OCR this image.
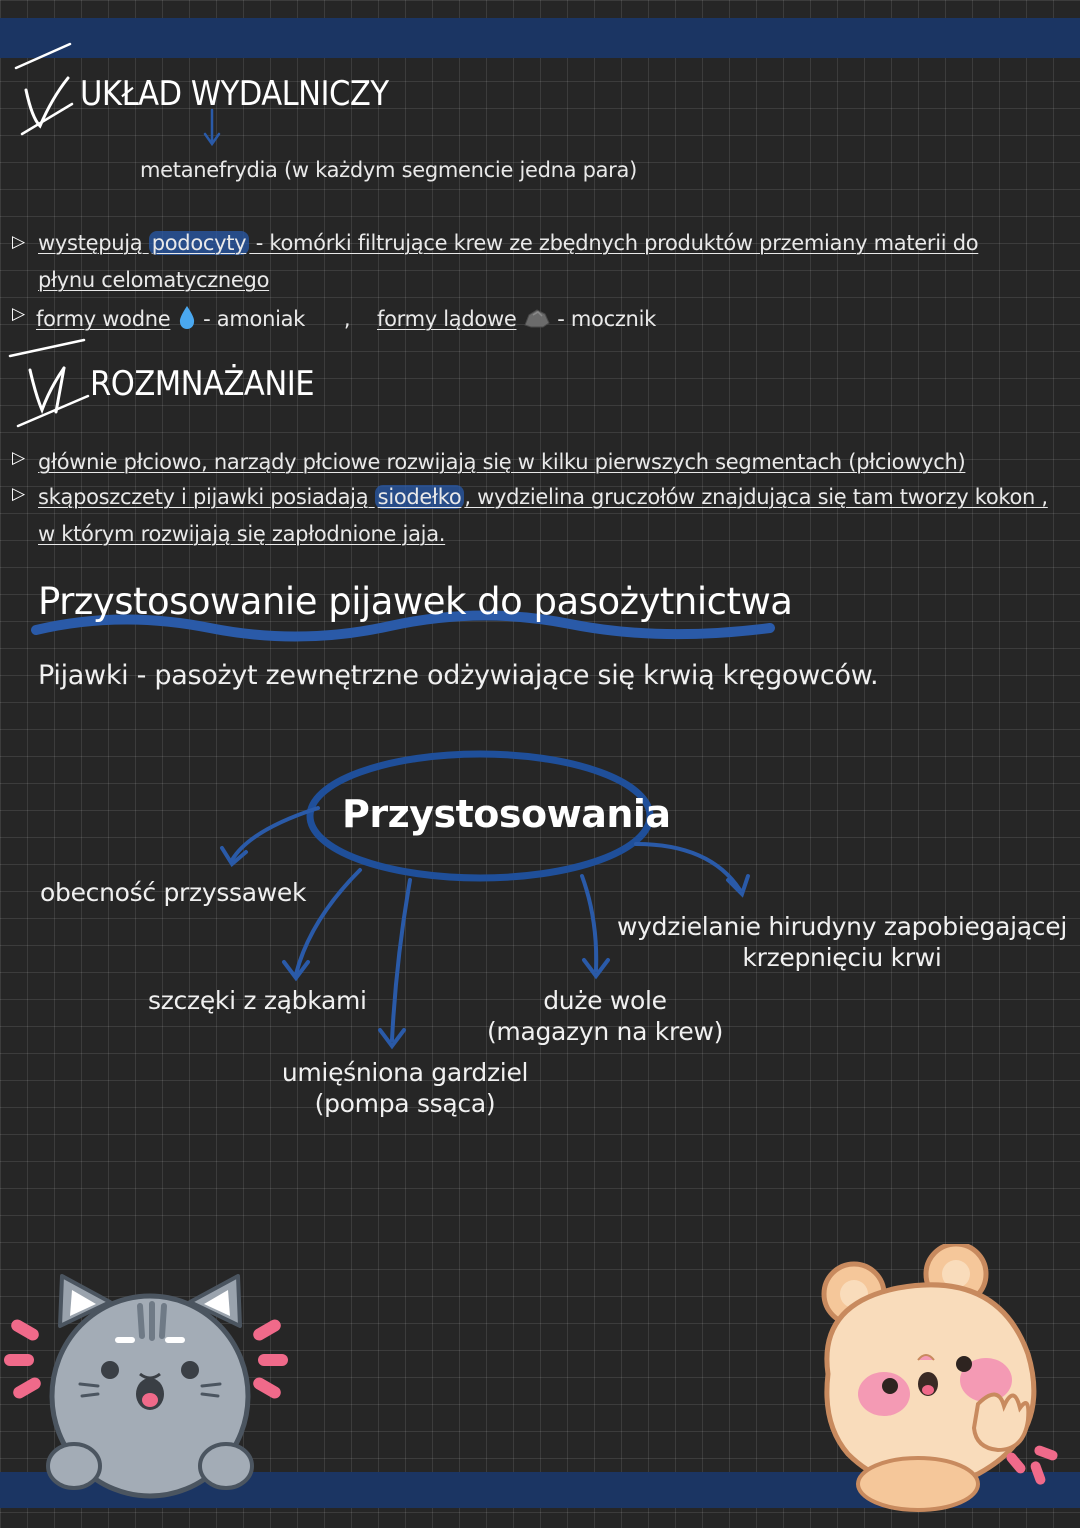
UKŁAD WYDALNICZY
metanefrydia (w każdym segmencie jedna para)
▷ występują podocyty - komórki filtrujące krew ze zbędnych produktów przemiany materii do
płynu celomatycznego
▷ formy wodne - amoniak , formy lądowe - mocznik
ROZMNAŻANIE
▷ głównie płciowo, narządy płciowe rozwijają się w kilku pierwszych segmentach (płciowych)
▷ skąposzczety i pijawki posiadają siodełko , wydzielina gruczołów znajdująca się tam tworzy kokon ,
w którym rozwijają się zapłodnione jaja.
Przystosowanie pijawek do pasożytnictwa
Pijawki - pasożyt zewnętrzne odżywiające się krwią kręgowców.
Przystosowania
obecność przyssawek
szczęki z ząbkami
umięśniona gardziel
(pompa ssąca)
duże wole
(magazyn na krew)
wydzielanie hirudyny zapobiegającej
krzepnięciu krwi
